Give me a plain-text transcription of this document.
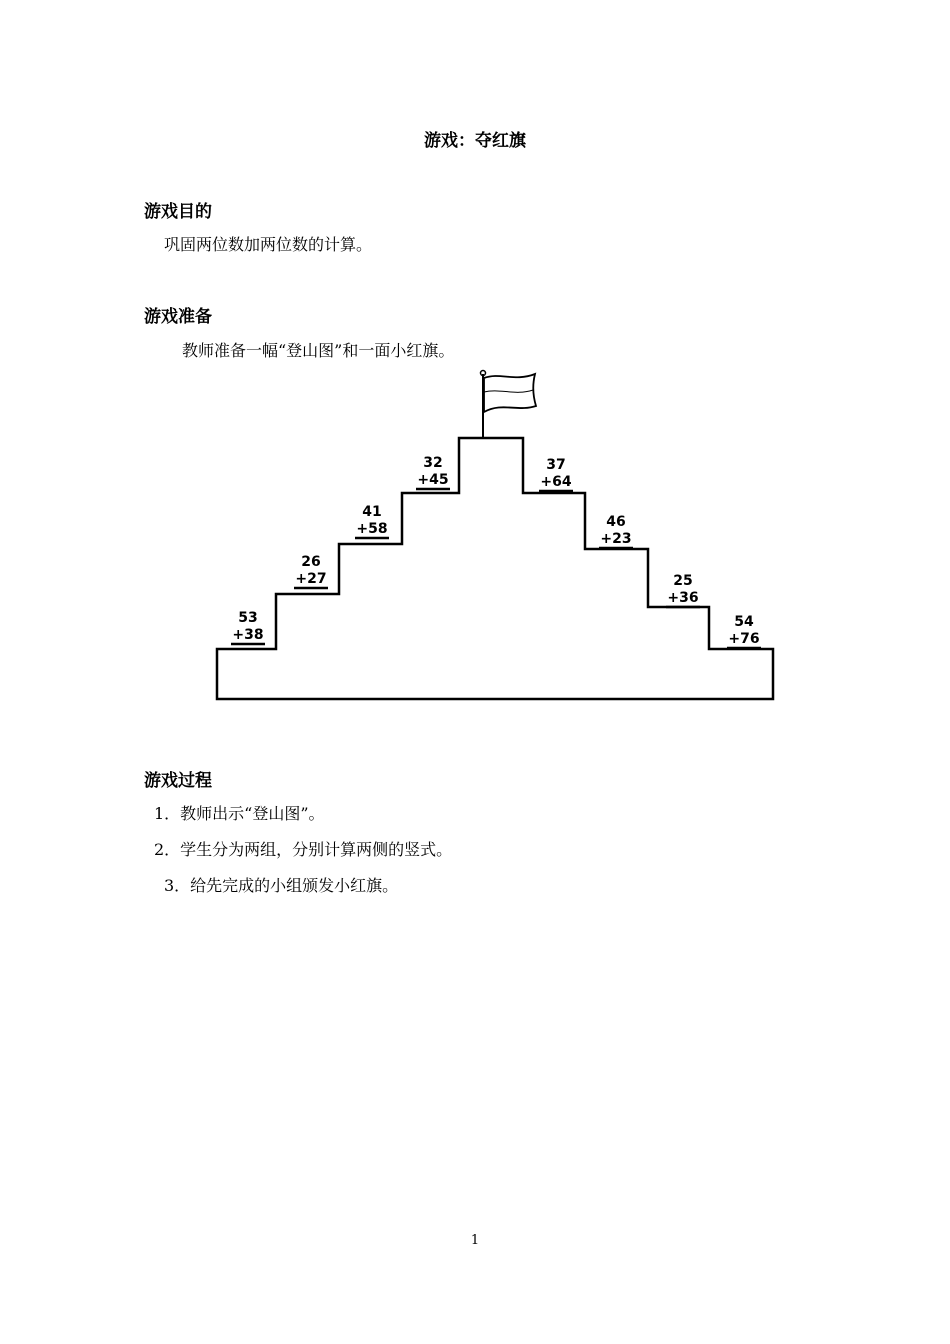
游戏：夺红旗
游戏目的
巩固两位数加两位数的计算。
游戏准备
教师准备一幅“登山图”和一面小红旗。
53
+38
26
+27
41
+58
32
+45
37
+64
46
+23
25
+36
54
+76
游戏过程
1．教师出示“登山图”。
2．学生分为两组，分别计算两侧的竖式。
3．给先完成的小组颁发小红旗。
1
